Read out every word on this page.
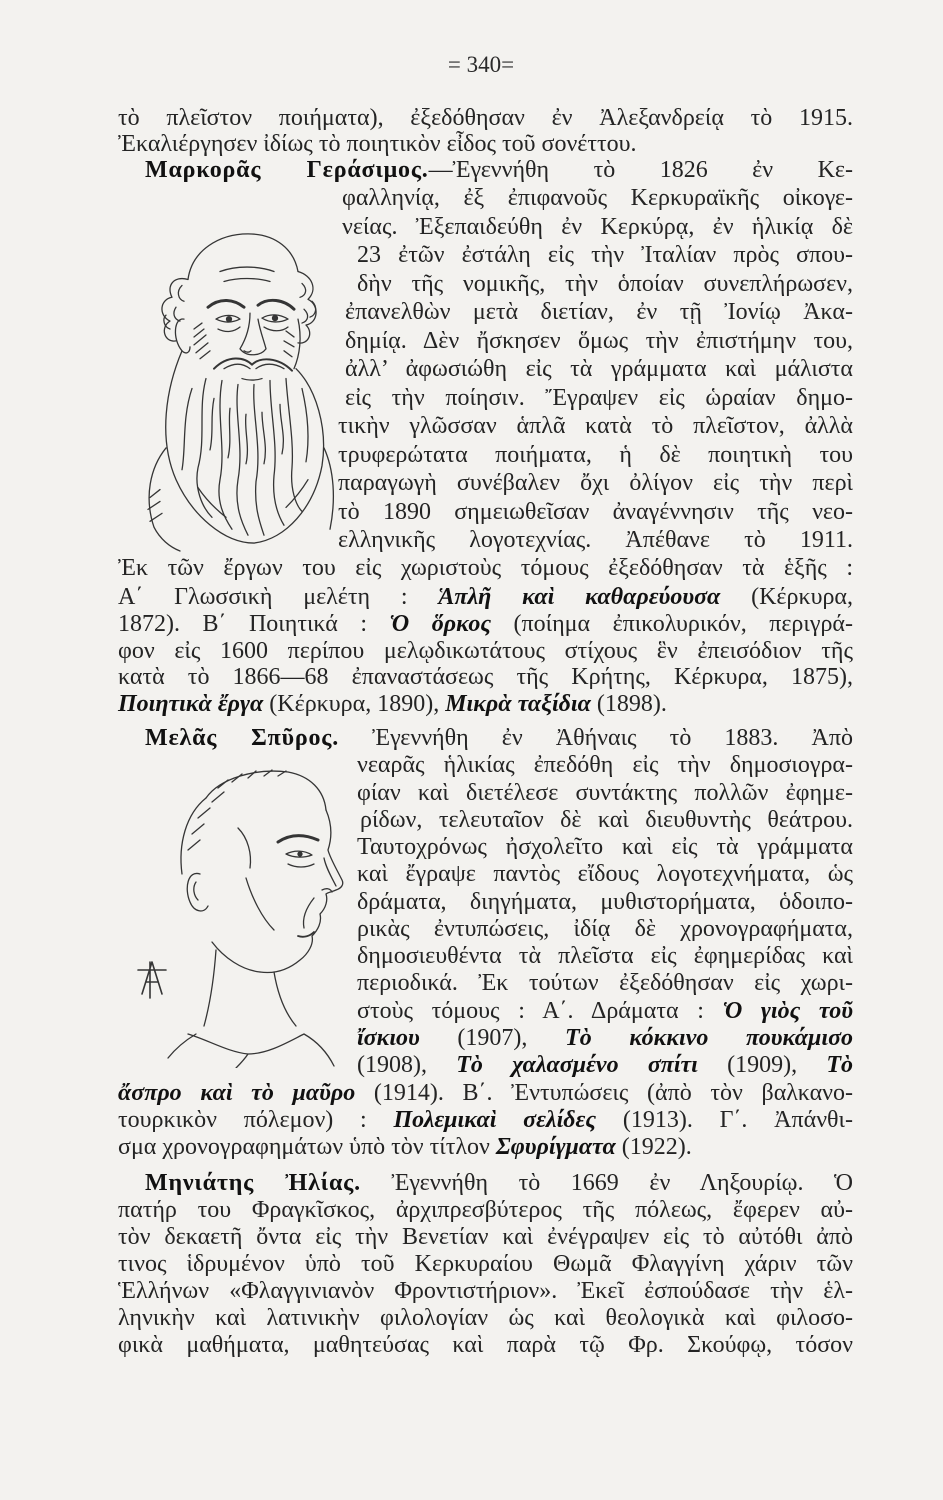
= 340=
τὸ πλεῖστον ποιήματα), ἐξεδόθησαν ἐν Ἀλεξανδρείᾳ τὸ 1915.
Ἐκαλιέργησεν ἰδίως τὸ ποιητικὸν εἶδος τοῦ σονέττου.
Μαρκορᾶς Γεράσιμος.—Ἐγεννήθη τὸ 1826 ἐν Κε-
φαλληνίᾳ, ἐξ ἐπιφανοῦς Κερκυραϊκῆς οἰκογε-
νείας. Ἐξεπαιδεύθη ἐν Κερκύρᾳ, ἐν ἡλικίᾳ δὲ
23 ἐτῶν ἐστάλη εἰς τὴν Ἰταλίαν πρὸς σπου-
δὴν τῆς νομικῆς, τὴν ὁποίαν συνεπλήρωσεν,
ἐπανελθὼν μετὰ διετίαν, ἐν τῇ Ἰονίῳ Ἀκα-
δημίᾳ. Δὲν ἤσκησεν ὅμως τὴν ἐπιστήμην του,
ἀλλ’ ἀφωσιώθη εἰς τὰ γράμματα καὶ μάλιστα
εἰς τὴν ποίησιν. Ἔγραψεν εἰς ὡραίαν δημο-
τικὴν γλῶσσαν ἁπλᾶ κατὰ τὸ πλεῖστον, ἀλλὰ
τρυφερώτατα ποιήματα, ἡ δὲ ποιητικὴ του
παραγωγὴ συνέβαλεν ὄχι ὀλίγον εἰς τὴν περὶ
τὸ 1890 σημειωθεῖσαν ἀναγέννησιν τῆς νεο-
ελληνικῆς λογοτεχνίας. Ἀπέθανε τὸ 1911.
Ἐκ τῶν ἔργων του εἰς χωριστοὺς τόμους ἐξεδόθησαν τὰ ἑξῆς :
Α΄ Γλωσσικὴ μελέτη : Ἁπλῆ καὶ καθαρεύουσα (Κέρκυρα,
1872). Β΄ Ποιητικά : Ὁ ὅρκος (ποίημα ἐπικολυρικόν, περιγρά-
φον εἰς 1600 περίπου μελῳδικωτάτους στίχους ἓν ἐπεισόδιον τῆς
κατὰ τὸ 1866—68 ἐπαναστάσεως τῆς Κρήτης, Κέρκυρα, 1875),
Ποιητικὰ ἔργα (Κέρκυρα, 1890), Μικρὰ ταξίδια (1898).
Μελᾶς Σπῦρος. Ἐγεννήθη ἐν Ἀθήναις τὸ 1883. Ἀπὸ
νεαρᾶς ἡλικίας ἐπεδόθη εἰς τὴν δημοσιογρα-
φίαν καὶ διετέλεσε συντάκτης πολλῶν ἐφημε-
ρίδων, τελευταῖον δὲ καὶ διευθυντὴς θεάτρου.
Ταυτοχρόνως ἠσχολεῖτο καὶ εἰς τὰ γράμματα
καὶ ἔγραψε παντὸς εἴδους λογοτεχνήματα, ὡς
δράματα, διηγήματα, μυθιστορήματα, ὁδοιπο-
ρικὰς ἐντυπώσεις, ἰδίᾳ δὲ χρονογραφήματα,
δημοσιευθέντα τὰ πλεῖστα εἰς ἐφημερίδας καὶ
περιοδικά. Ἐκ τούτων ἐξεδόθησαν εἰς χωρι-
στοὺς τόμους : Α΄. Δράματα : Ὁ γιὸς τοῦ
ἴσκιου (1907), Τὸ κόκκινο πουκάμισο
(1908), Τὸ χαλασμένο σπίτι (1909), Τὸ
ἄσπρο καὶ τὸ μαῦρο (1914). Β΄. Ἐντυπώσεις (ἀπὸ τὸν βαλκανο-
τουρκικὸν πόλεμον) : Πολεμικαὶ σελίδες (1913). Γ΄. Ἀπάνθι-
σμα χρονογραφημάτων ὑπὸ τὸν τίτλον Σφυρίγματα (1922).
Μηνιάτης Ἠλίας. Ἐγεννήθη τὸ 1669 ἐν Ληξουρίῳ. Ὁ
πατήρ του Φραγκῖσκος, ἀρχιπρεσβύτερος τῆς πόλεως, ἔφερεν αὐ-
τὸν δεκαετῆ ὄντα εἰς τὴν Βενετίαν καὶ ἐνέγραψεν εἰς τὸ αὐτόθι ἀπὸ
τινος ἱδρυμένον ὑπὸ τοῦ Κερκυραίου Θωμᾶ Φλαγγίνη χάριν τῶν
Ἑλλήνων «Φλαγγινιανὸν Φροντιστήριον». Ἐκεῖ ἐσπούδασε τὴν ἑλ-
ληνικὴν καὶ λατινικὴν φιλολογίαν ὡς καὶ θεολογικὰ καὶ φιλοσο-
φικὰ μαθήματα, μαθητεύσας καὶ παρὰ τῷ Φρ. Σκούφῳ, τόσον
